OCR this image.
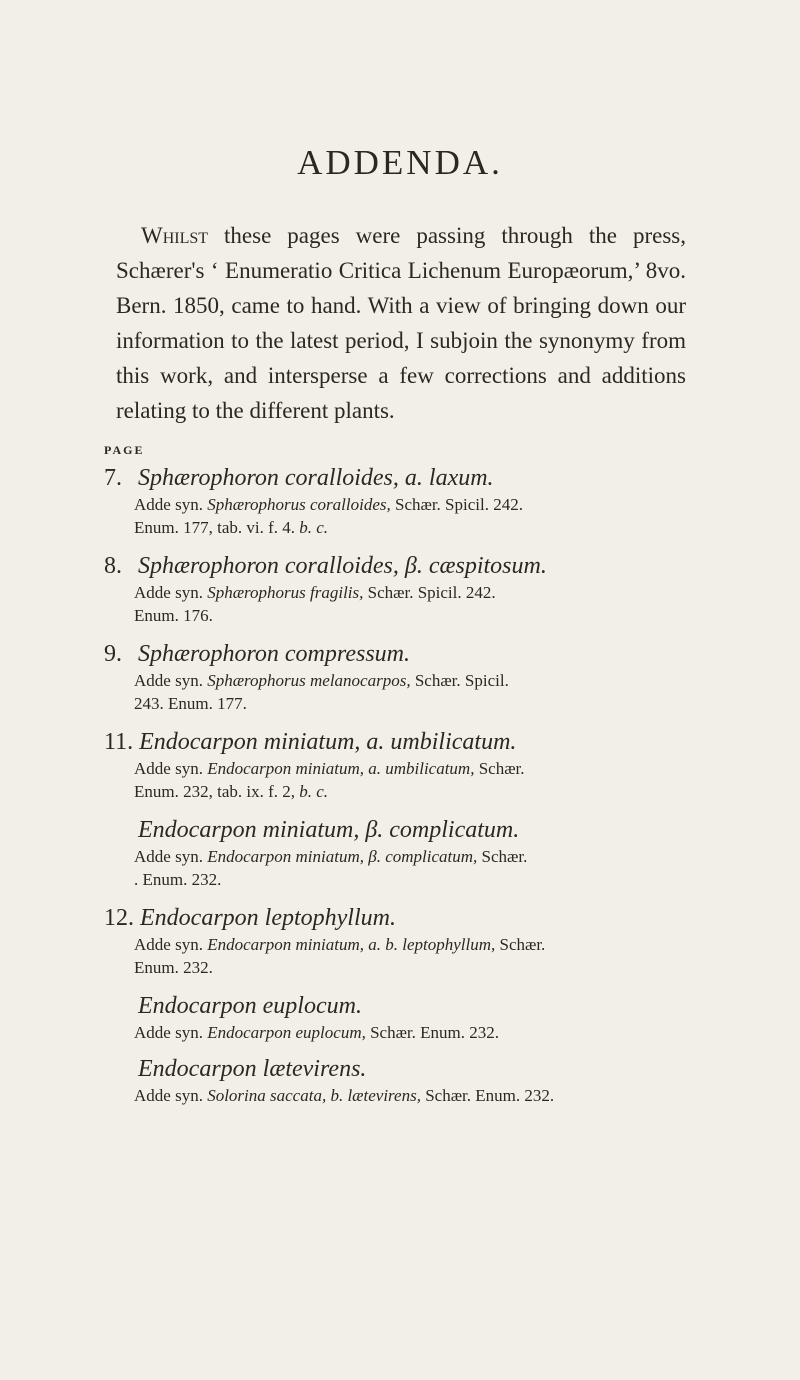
ADDENDA.
Whilst these pages were passing through the press, Schærer's ‘ Enumeratio Critica Lichenum Europæorum,’ 8vo. Bern. 1850, came to hand. With a view of bringing down our information to the latest period, I subjoin the synonymy from this work, and intersperse a few corrections and additions relating to the different plants.
PAGE
7. Sphærophoron coralloides, a. laxum.
Adde syn. Sphærophorus coralloides, Schær. Spicil. 242.
Enum. 177, tab. vi. f. 4. b. c.
8. Sphærophoron coralloides, β. cæspitosum.
Adde syn. Sphærophorus fragilis, Schær. Spicil. 242.
Enum. 176.
9. Sphærophoron compressum.
Adde syn. Sphærophorus melanocarpos, Schær. Spicil.
243. Enum. 177.
11. Endocarpon miniatum, a. umbilicatum.
Adde syn. Endocarpon miniatum, a. umbilicatum, Schær.
Enum. 232, tab. ix. f. 2, b. c.
Endocarpon miniatum, β. complicatum.
Adde syn. Endocarpon miniatum, β. complicatum, Schær.
. Enum. 232.
12. Endocarpon leptophyllum.
Adde syn. Endocarpon miniatum, a. b. leptophyllum, Schær.
Enum. 232.
Endocarpon euplocum.
Adde syn. Endocarpon euplocum, Schær. Enum. 232.
Endocarpon lætevirens.
Adde syn. Solorina saccata, b. lætevirens, Schær. Enum. 232.
